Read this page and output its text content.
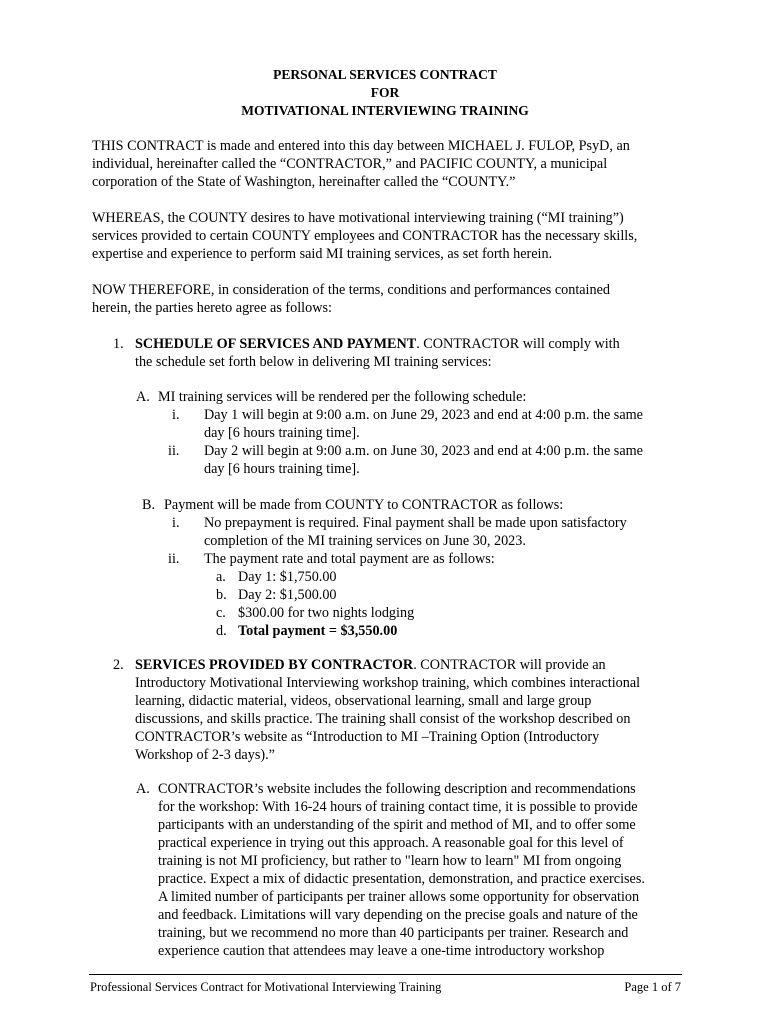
PERSONAL SERVICES CONTRACT
FOR
MOTIVATIONAL INTERVIEWING TRAINING

THIS CONTRACT is made and entered into this day between MICHAEL J. FULOP, PsyD, an
individual, hereinafter called the “CONTRACTOR,” and PACIFIC COUNTY, a municipal
corporation of the State of Washington, hereinafter called the “COUNTY.”

WHEREAS, the COUNTY desires to have motivational interviewing training (“MI training”)
services provided to certain COUNTY employees and CONTRACTOR has the necessary skills,
expertise and experience to perform said MI training services, as set forth herein.

NOW THEREFORE, in consideration of the terms, conditions and performances contained
herein, the parties hereto agree as follows:

1. SCHEDULE OF SERVICES AND PAYMENT. CONTRACTOR will comply with
the schedule set forth below in delivering MI training services:
A. MI training services will be rendered per the following schedule:
i. Day 1 will begin at 9:00 a.m. on June 29, 2023 and end at 4:00 p.m. the same
day [6 hours training time].
ii. Day 2 will begin at 9:00 a.m. on June 30, 2023 and end at 4:00 p.m. the same
day [6 hours training time].
B. Payment will be made from COUNTY to CONTRACTOR as follows:
i. No prepayment is required. Final payment shall be made upon satisfactory
completion of the MI training services on June 30, 2023.
ii. The payment rate and total payment are as follows:
a. Day 1: $1,750.00
b. Day 2: $1,500.00
c. $300.00 for two nights lodging
d. Total payment = $3,550.00
2. SERVICES PROVIDED BY CONTRACTOR. CONTRACTOR will provide an
Introductory Motivational Interviewing workshop training, which combines interactional
learning, didactic material, videos, observational learning, small and large group
discussions, and skills practice. The training shall consist of the workshop described on
CONTRACTOR’s website as “Introduction to MI –Training Option (Introductory
Workshop of 2-3 days).”
A. CONTRACTOR’s website includes the following description and recommendations
for the workshop: With 16-24 hours of training contact time, it is possible to provide
participants with an understanding of the spirit and method of MI, and to offer some
practical experience in trying out this approach. A reasonable goal for this level of
training is not MI proficiency, but rather to "learn how to learn" MI from ongoing
practice. Expect a mix of didactic presentation, demonstration, and practice exercises.
A limited number of participants per trainer allows some opportunity for observation
and feedback. Limitations will vary depending on the precise goals and nature of the
training, but we recommend no more than 40 participants per trainer. Research and
experience caution that attendees may leave a one-time introductory workshop
Professional Services Contract for Motivational Interviewing Training	Page 1 of 7
